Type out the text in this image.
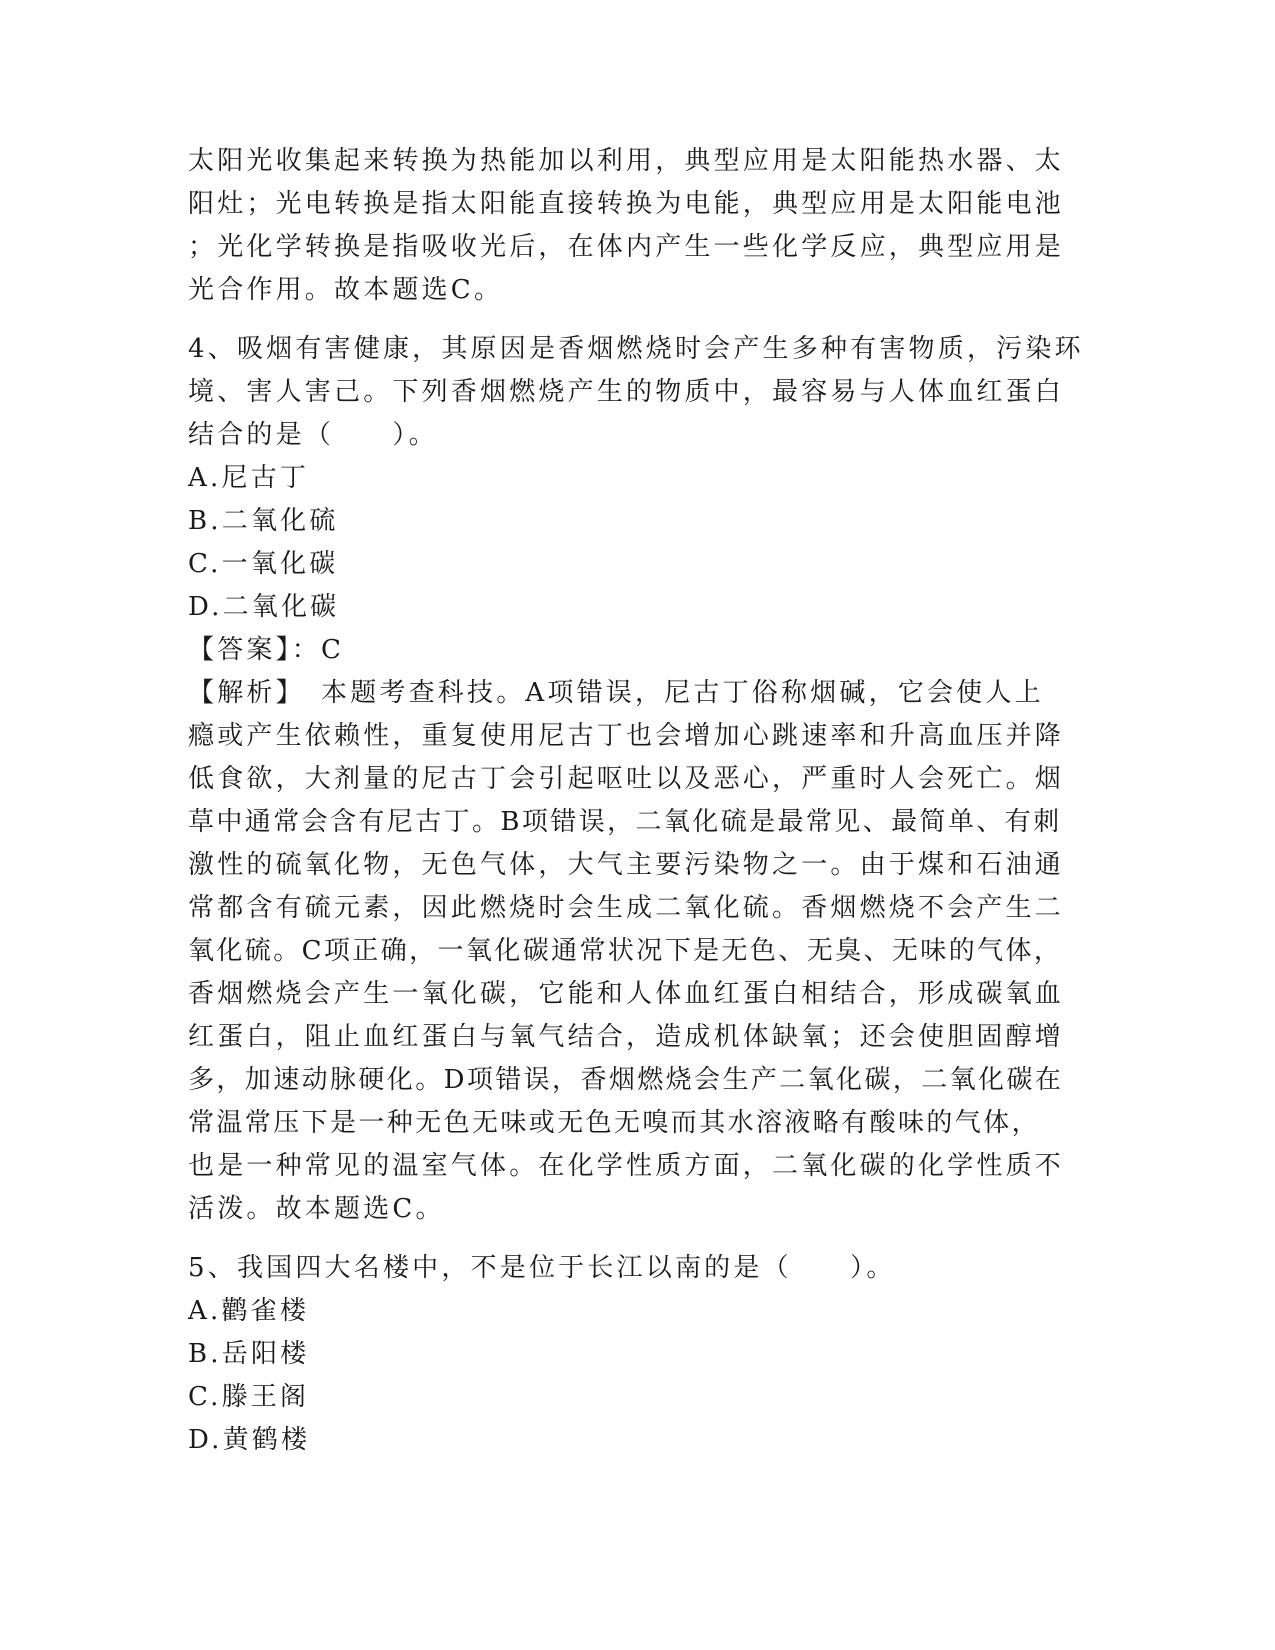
太阳光收集起来转换为热能加以利用，典型应用是太阳能热水器、太
阳灶；光电转换是指太阳能直接转换为电能，典型应用是太阳能电池
；光化学转换是指吸收光后，在体内产生一些化学反应，典型应用是
光合作用。故本题选C。
4、吸烟有害健康，其原因是香烟燃烧时会产生多种有害物质，污染环
境、害人害己。下列香烟燃烧产生的物质中，最容易与人体血红蛋白
结合的是（　　）。
A.尼古丁
B.二氧化硫
C.一氧化碳
D.二氧化碳
【答案】：C
【解析】　本题考查科技。A项错误，尼古丁俗称烟碱，它会使人上
瘾或产生依赖性，重复使用尼古丁也会增加心跳速率和升高血压并降
低食欲，大剂量的尼古丁会引起呕吐以及恶心，严重时人会死亡。烟
草中通常会含有尼古丁。B项错误，二氧化硫是最常见、最简单、有刺
激性的硫氧化物，无色气体，大气主要污染物之一。由于煤和石油通
常都含有硫元素，因此燃烧时会生成二氧化硫。香烟燃烧不会产生二
氧化硫。C项正确，一氧化碳通常状况下是无色、无臭、无味的气体，
香烟燃烧会产生一氧化碳，它能和人体血红蛋白相结合，形成碳氧血
红蛋白，阻止血红蛋白与氧气结合，造成机体缺氧；还会使胆固醇增
多，加速动脉硬化。D项错误，香烟燃烧会生产二氧化碳，二氧化碳在
常温常压下是一种无色无味或无色无嗅而其水溶液略有酸味的气体，
也是一种常见的温室气体。在化学性质方面，二氧化碳的化学性质不
活泼。故本题选C。
5、我国四大名楼中，不是位于长江以南的是（　　）。
A.鹳雀楼
B.岳阳楼
C.滕王阁
D.黄鹤楼
